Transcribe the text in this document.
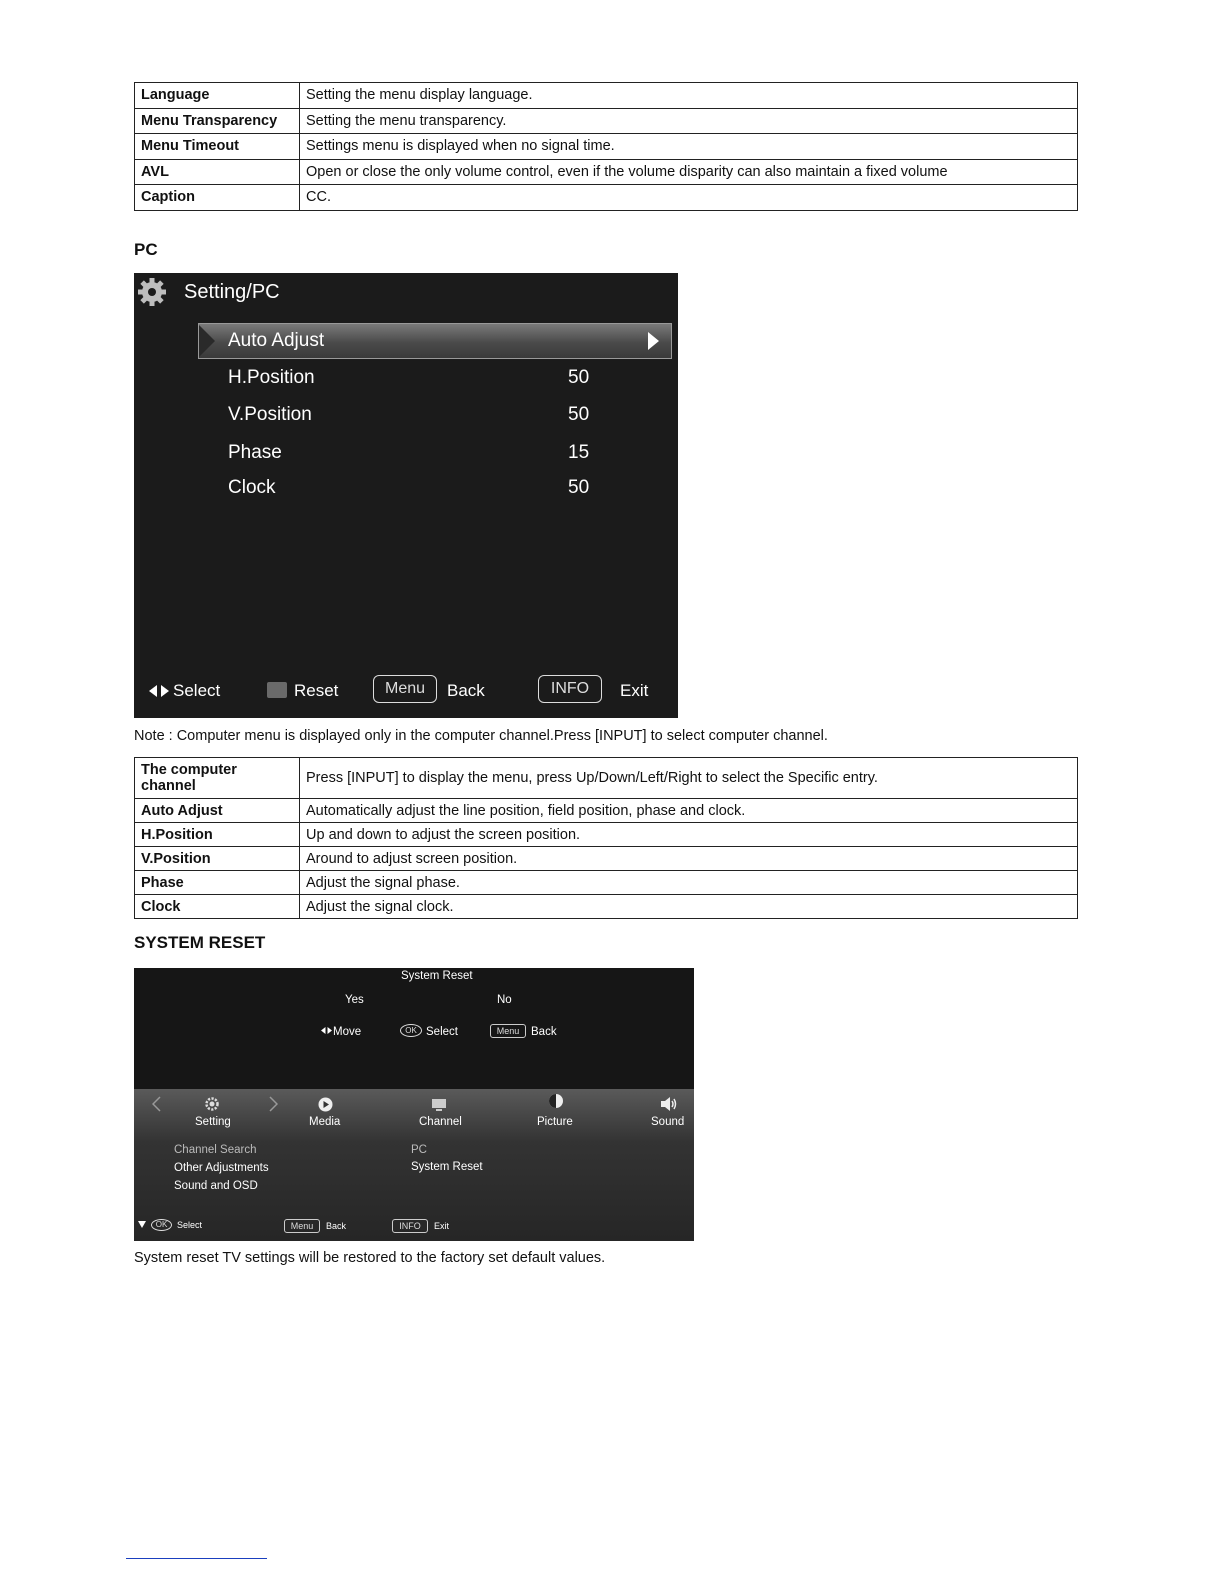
Language	Setting the menu display language.
Menu Transparency	Setting the menu transparency.
Menu Timeout	Settings menu is displayed when no signal time.
AVL	Open or close the only volume control, even if the volume disparity can also maintain a fixed volume
Caption	CC.
PC
Setting/PC
Auto Adjust
H.Position	50
V.Position	50
Phase	15
Clock	50
Select	Reset	Menu	Back	INFO	Exit
Note : Computer menu is displayed only in the computer channel.Press [INPUT] to select computer channel.
The computer channel	Press [INPUT] to display the menu, press Up/Down/Left/Right to select the Specific entry.
Auto Adjust	Automatically adjust the line position, field position, phase and clock.
H.Position	Up and down to adjust the screen position.
V.Position	Around to adjust screen position.
Phase	Adjust the signal phase.
Clock	Adjust the signal clock.
SYSTEM RESET
System Reset
Yes	No
Move	OK Select	Menu	Back
Setting	Media	Channel	Picture	Sound
Channel Search
Other Adjustments
Sound and OSD
PC
System Reset
OK	Select	Menu	Back	INFO	Exit
System reset TV settings will be restored to the factory set default values.
